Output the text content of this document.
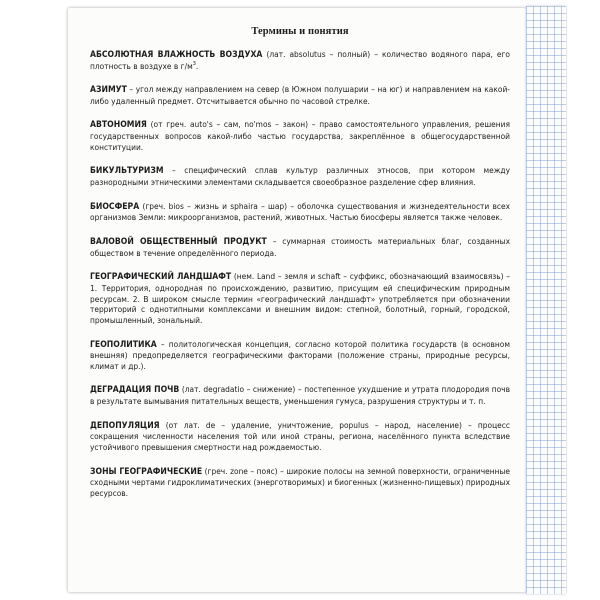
Термины и понятия

АБСОЛЮТНАЯ ВЛАЖНОСТЬ ВОЗДУХА (лат. absolutus – полный) – количество водяного пара, его плотность в воздухе в $г/м^3$.

АЗИМУТ – угол между направлением на север (в Южном полушарии – на юг) и направлением на какой-либо удаленный предмет. Отсчитывается обычно по часовой стрелке.

АВТОНОМИЯ (от греч. auto's – сам, no'mos – закон) – право самостоятельного управления, решения государственных вопросов какой-либо частью государства, закреплённое в общегосударственной конституции.

БИКУЛЬТУРИЗМ – специфический сплав культур различных этносов, при котором между разнородными этническими элементами складывается своеобразное разделение сфер влияния.

БИОСФЕРА (греч. bios – жизнь и sphaira – шар) – оболочка существования и жизнедеятельности всех организмов Земли: микроорганизмов, растений, животных. Частью биосферы является также человек.

ВАЛОВОЙ ОБЩЕСТВЕННЫЙ ПРОДУКТ – суммарная стоимость материальных благ, созданных обществом в течение определённого периода.

ГЕОГРАФИЧЕСКИЙ ЛАНДШАФТ (нем. Land – земля и schaft – суффикс, обозначающий взаимосвязь) – 1. Территория, однородная по происхождению, развитию, присущим ей специфическим природным ресурсам. 2. В широком смысле термин «географический ландшафт» употребляется при обозначении территорий с однотипными комплексами и внешним видом: степной, болотный, горный, городской, промышленный, зональный.

ГЕОПОЛИТИКА – политологическая концепция, согласно которой политика государств (в основном внешняя) предопределяется географическими факторами (положение страны, природные ресурсы, климат и др.).

ДЕГРАДАЦИЯ ПОЧВ (лат. degradatio – снижение) – постепенное ухудшение и утрата плодородия почв в результате вымывания питательных веществ, уменьшения гумуса, разрушения структуры и т. п.

ДЕПОПУЛЯЦИЯ (от лат. de – удаление, уничтожение, populus – народ, население) – процесс сокращения численности населения той или иной страны, региона, населённого пункта вследствие устойчивого превышения смертности над рождаемостью.

ЗОНЫ ГЕОГРАФИЧЕСКИЕ (греч. zone – пояс) – широкие полосы на земной поверхности, ограниченные сходными чертами гидроклиматических (энерготворимых) и биогенных (жизненно-пищевых) природных ресурсов.
